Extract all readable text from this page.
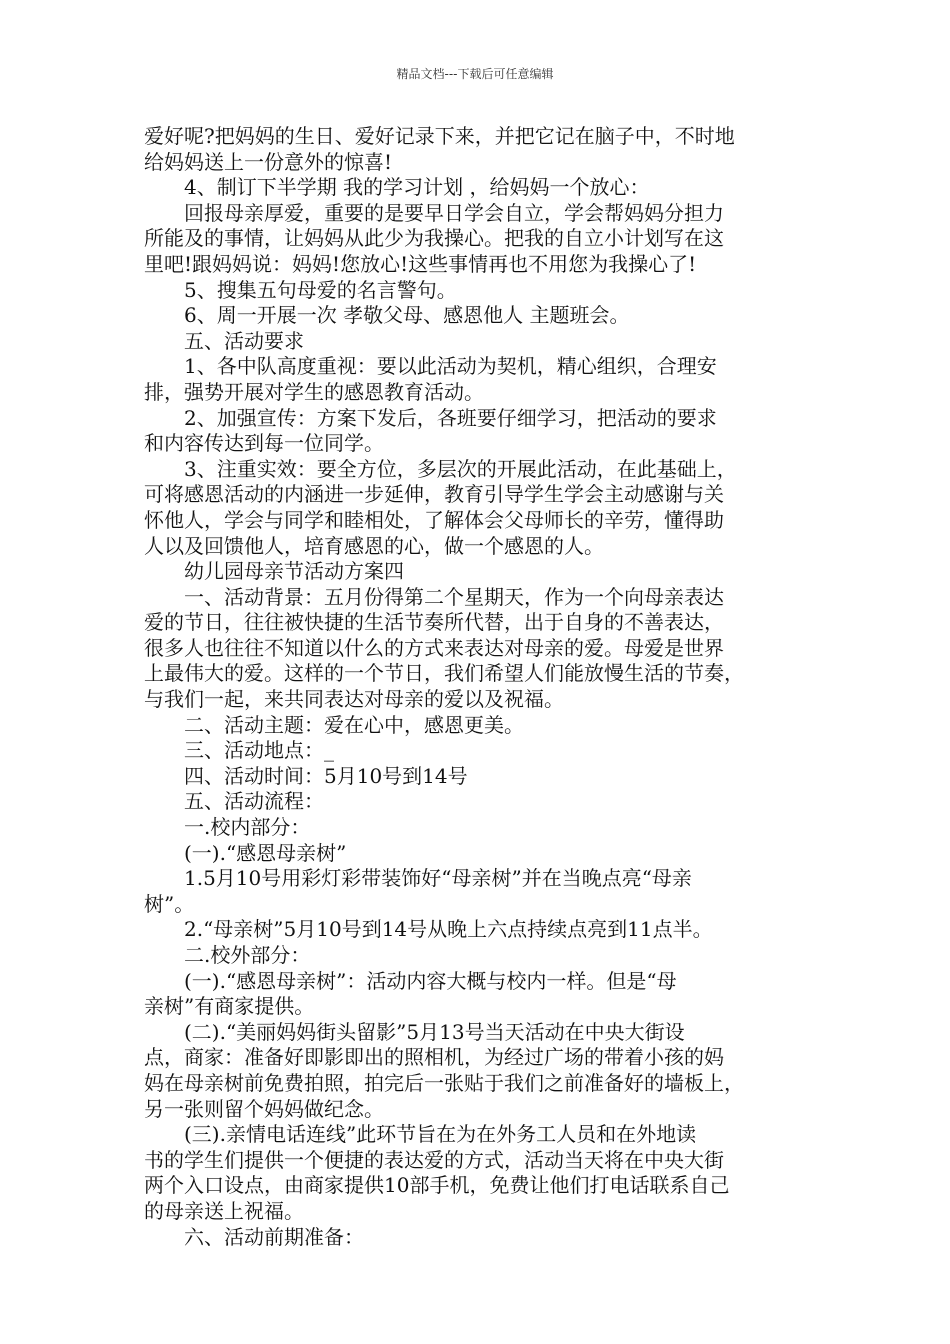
精品文档---下载后可任意编辑
爱好呢?把妈妈的生日、爱好记录下来，并把它记在脑子中，不时地
给妈妈送上一份意外的惊喜!
　　4、制订下半学期 我的学习计划 ，给妈妈一个放心：
　　回报母亲厚爱，重要的是要早日学会自立，学会帮妈妈分担力
所能及的事情，让妈妈从此少为我操心。把我的自立小计划写在这
里吧!跟妈妈说：妈妈!您放心!这些事情再也不用您为我操心了!
　　5、搜集五句母爱的名言警句。
　　6、周一开展一次 孝敬父母、感恩他人 主题班会。
　　五、活动要求
　　1、各中队高度重视：要以此活动为契机，精心组织，合理安
排，强势开展对学生的感恩教育活动。
　　2、加强宣传：方案下发后，各班要仔细学习，把活动的要求
和内容传达到每一位同学。
　　3、注重实效：要全方位，多层次的开展此活动，在此基础上，
可将感恩活动的内涵进一步延伸，教育引导学生学会主动感谢与关
怀他人，学会与同学和睦相处，了解体会父母师长的辛劳，懂得助
人以及回馈他人，培育感恩的心，做一个感恩的人。
　　幼儿园母亲节活动方案四
　　一、活动背景：五月份得第二个星期天，作为一个向母亲表达
爱的节日，往往被快捷的生活节奏所代替，出于自身的不善表达，
很多人也往往不知道以什么的方式来表达对母亲的爱。母爱是世界
上最伟大的爱。这样的一个节日，我们希望人们能放慢生活的节奏，
与我们一起，来共同表达对母亲的爱以及祝福。
　　二、活动主题：爱在心中，感恩更美。
　　三、活动地点：_
　　四、活动时间：5月10号到14号
　　五、活动流程：
　　一.校内部分：
　　(一).“感恩母亲树”
　　1.5月10号用彩灯彩带装饰好“母亲树”并在当晚点亮“母亲
树”。
　　2.“母亲树”5月10号到14号从晚上六点持续点亮到11点半。
　　二.校外部分：
　　(一).“感恩母亲树”：活动内容大概与校内一样。但是“母
亲树”有商家提供。
　　(二).“美丽妈妈街头留影”5月13号当天活动在中央大街设
点，商家：准备好即影即出的照相机，为经过广场的带着小孩的妈
妈在母亲树前免费拍照，拍完后一张贴于我们之前准备好的墙板上，
另一张则留个妈妈做纪念。
　　(三).亲情电话连线”此环节旨在为在外务工人员和在外地读
书的学生们提供一个便捷的表达爱的方式，活动当天将在中央大街
两个入口设点，由商家提供10部手机，免费让他们打电话联系自己
的母亲送上祝福。
　　六、活动前期准备：
